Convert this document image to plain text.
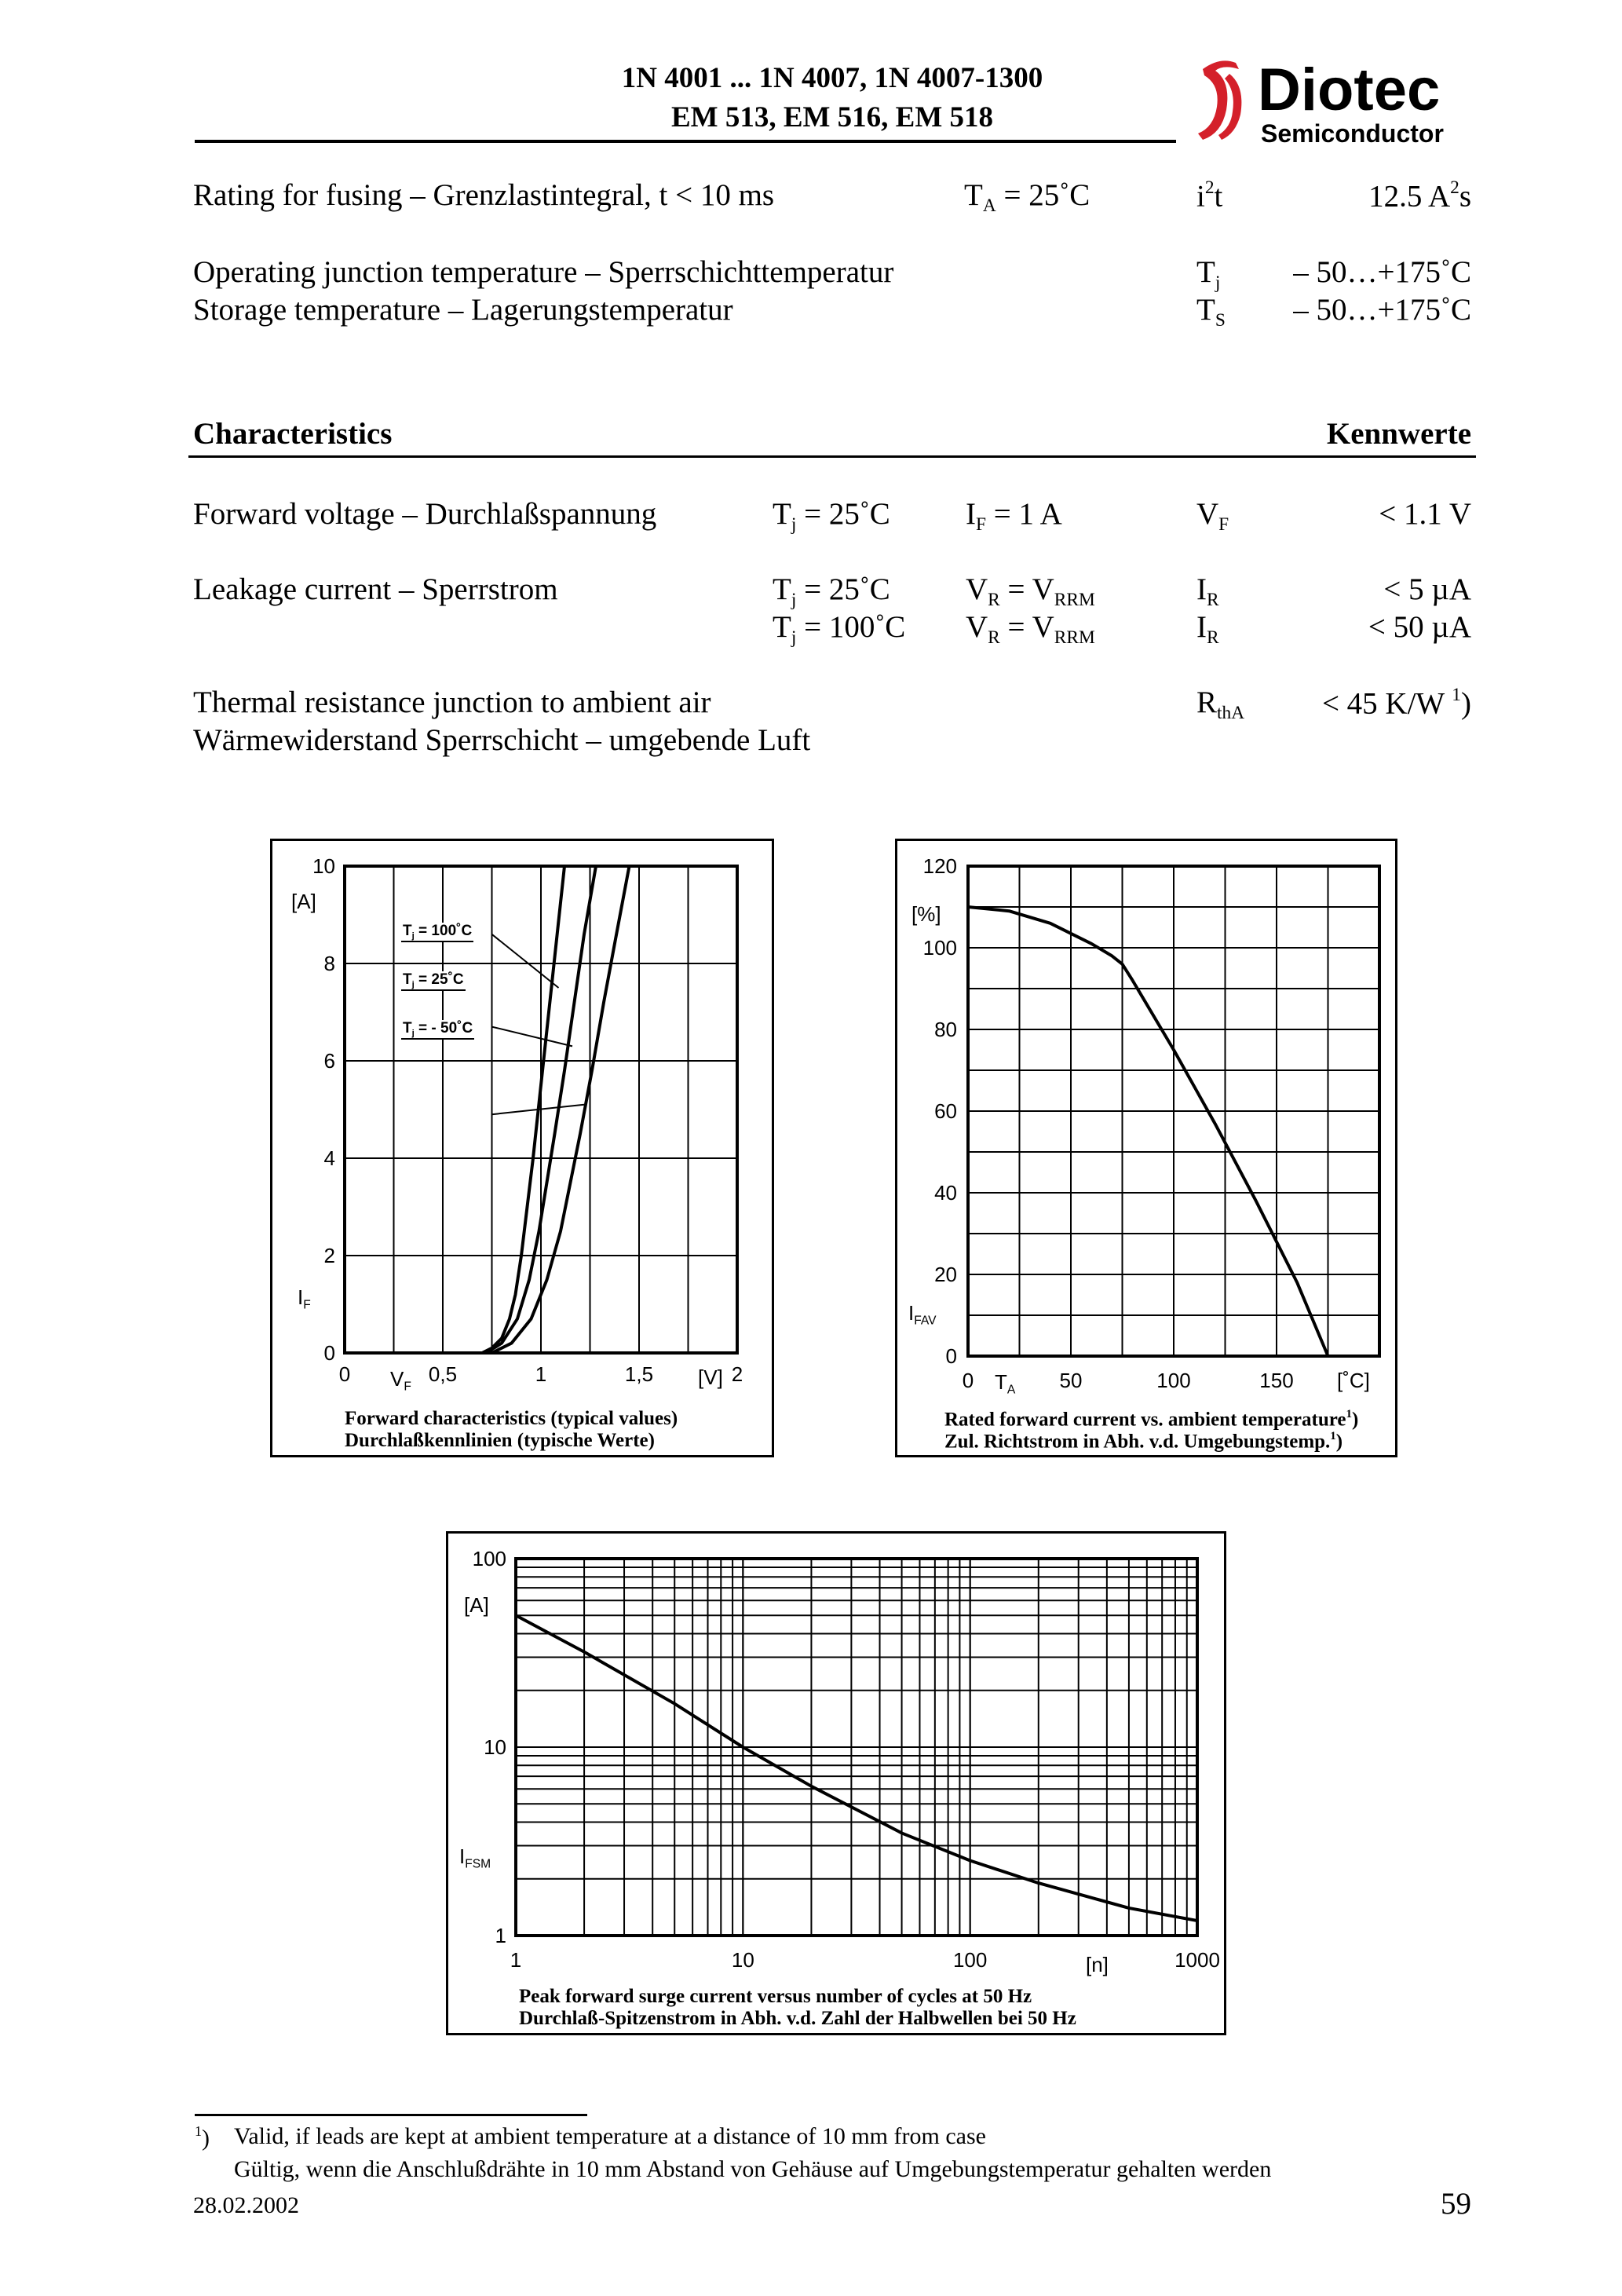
1N 4001 ... 1N 4007, 1N 4007-1300
EM 513, EM 516, EM 518	Diotec
Semiconductor
Rating for fusing – Grenzlastintegral, t < 10 ms	$T_A$ = 25˚C	$i^2t$	12.5 $A^2s$
Operating junction temperature – Sperrschichttemperatur	$T_j$ – 50…+175˚C
Storage temperature – Lagerungstemperatur	$T_S$ – 50…+175˚C
Characteristics	Kennwerte
Forward voltage – Durchlaßspannung	$T_j$ = 25˚C $I_F = 1$ A	$V_F$	< 1.1 V
Leakage current – Sperrstrom	$T_j$ = 25˚C $V_R = V_{RRM}$	$I_R$	< 5 µA
$T_j$ = 100˚C $V_R = V_{RRM}$	$I_R$	< 50 µA
Thermal resistance junction to ambient air
Wärmewiderstand Sperrschicht – umgebende Luft
$R_{thA}$	< 45 K/W $^1$)
0	0,5	1	1,5	2
0
2
4
6
8
10
[A]
$I_F$
$V_F$	[V]
$T_j$ = 100˚C
$T_j$ = 25˚C
$T_j$ = - 50˚C
Forward characteristics (typical values)
Durchlaßkennlinien (typische Werte)
0	50	100	150
0
20
40
60
80
100
120
[%]
$I_{FAV}$
$T_A$	[˚C]
Rated forward current vs. ambient temperature$^1$)
Zul. Richtstrom in Abh. v.d. Umgebungstemp.$^1$)
1	10	100	1000
1
10
100
[A]
$I_{FSM}$
[n]
Peak forward surge current versus number of cycles at 50 Hz
Durchlaß-Spitzenstrom in Abh. v.d. Zahl der Halbwellen bei 50 Hz
$^1$) Valid, if leads are kept at ambient temperature at a distance of 10 mm from case
Gültig, wenn die Anschlußdrähte in 10 mm Abstand von Gehäuse auf Umgebungstemperatur gehalten werden
28.02.2002	59
